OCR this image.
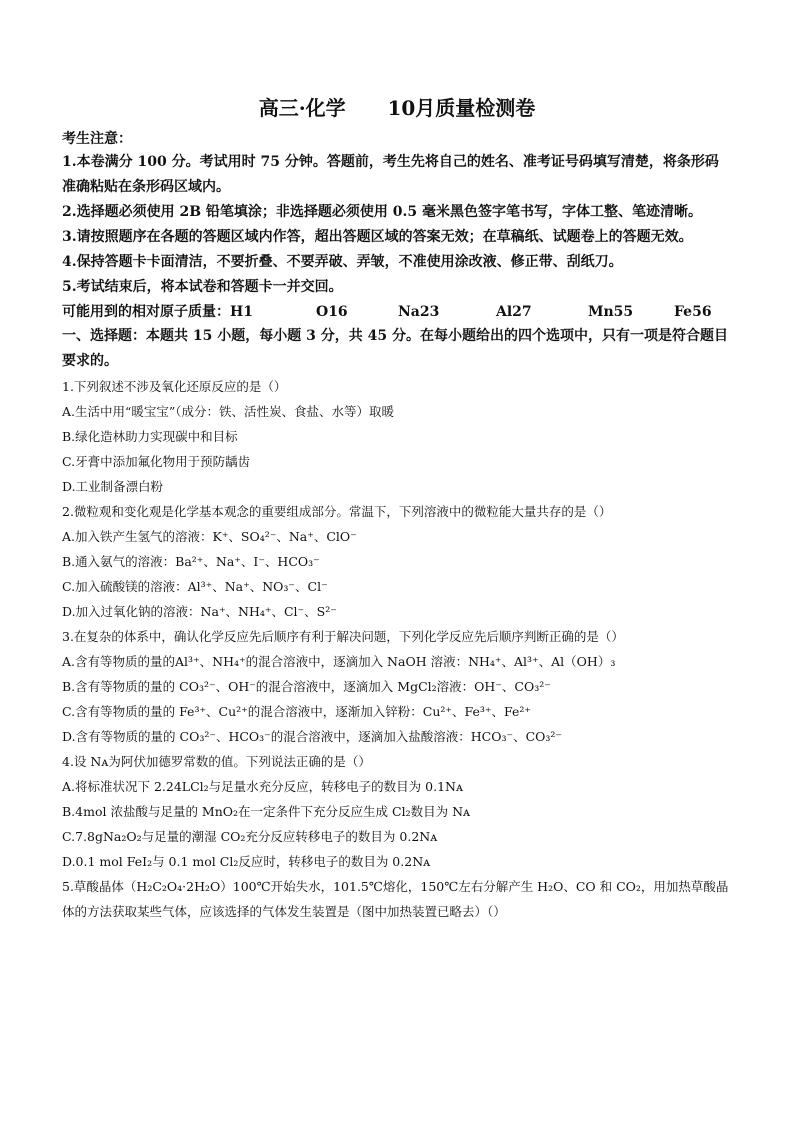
高三·化学      10月质量检测卷
考生注意：
1.本卷满分 100 分。考试用时 75 分钟。答题前，考生先将自己的姓名、准考证号码填写清楚，将条形码准确粘贴在条形码区域内。
2.选择题必须使用 2B 铅笔填涂；非选择题必须使用 0.5 毫米黑色签字笔书写，字体工整、笔迹清晰。
3.请按照题序在各题的答题区域内作答，超出答题区域的答案无效；在草稿纸、试题卷上的答题无效。
4.保持答题卡卡面清洁，不要折叠、不要弄破、弄皱，不准使用涂改液、修正带、刮纸刀。
5.考试结束后，将本试卷和答题卡一并交回。
可能用到的相对原子质量：H1	O16	Na23	Al27	Mn55	Fe56
一、选择题：本题共 15 小题，每小题 3 分，共 45 分。在每小题给出的四个选项中，只有一项是符合题目要求的。
1.下列叙述不涉及氧化还原反应的是（）
A.生活中用“暖宝宝”（成分：铁、活性炭、食盐、水等）取暖
B.绿化造林助力实现碳中和目标
C.牙膏中添加氟化物用于预防龋齿
D.工业制备漂白粉
2.微粒观和变化观是化学基本观念的重要组成部分。常温下，下列溶液中的微粒能大量共存的是（）
A.加入铁产生氢气的溶液：K⁺、SO₄²⁻、Na⁺、ClO⁻
B.通入氨气的溶液：Ba²⁺、Na⁺、I⁻、HCO₃⁻
C.加入硫酸镁的溶液：Al³⁺、Na⁺、NO₃⁻、Cl⁻
D.加入过氧化钠的溶液：Na⁺、NH₄⁺、Cl⁻、S²⁻
3.在复杂的体系中，确认化学反应先后顺序有利于解决问题，下列化学反应先后顺序判断正确的是（）
A.含有等物质的量的Al³⁺、NH₄⁺的混合溶液中，逐滴加入 NaOH 溶液：NH₄⁺、Al³⁺、Al（OH）₃
B.含有等物质的量的 CO₃²⁻、OH⁻的混合溶液中，逐滴加入 MgCl₂溶液：OH⁻、CO₃²⁻
C.含有等物质的量的 Fe³⁺、Cu²⁺的混合溶液中，逐渐加入锌粉：Cu²⁺、Fe³⁺、Fe²⁺
D.含有等物质的量的 CO₃²⁻、HCO₃⁻的混合溶液中，逐滴加入盐酸溶液：HCO₃⁻、CO₃²⁻
4.设 Nᴀ为阿伏加德罗常数的值。下列说法正确的是（）
A.将标准状况下 2.24LCl₂与足量水充分反应，转移电子的数目为 0.1Nᴀ
B.4mol 浓盐酸与足量的 MnO₂在一定条件下充分反应生成 Cl₂数目为 Nᴀ
C.7.8gNa₂O₂与足量的潮湿 CO₂充分反应转移电子的数目为 0.2Nᴀ
D.0.1 mol FeI₂与 0.1 mol Cl₂反应时，转移电子的数目为 0.2Nᴀ
5.草酸晶体（H₂C₂O₄·2H₂O）100℃开始失水，101.5℃熔化，150℃左右分解产生 H₂O、CO 和 CO₂，用加热草酸晶体的方法获取某些气体，应该选择的气体发生装置是（图中加热装置已略去）（）
